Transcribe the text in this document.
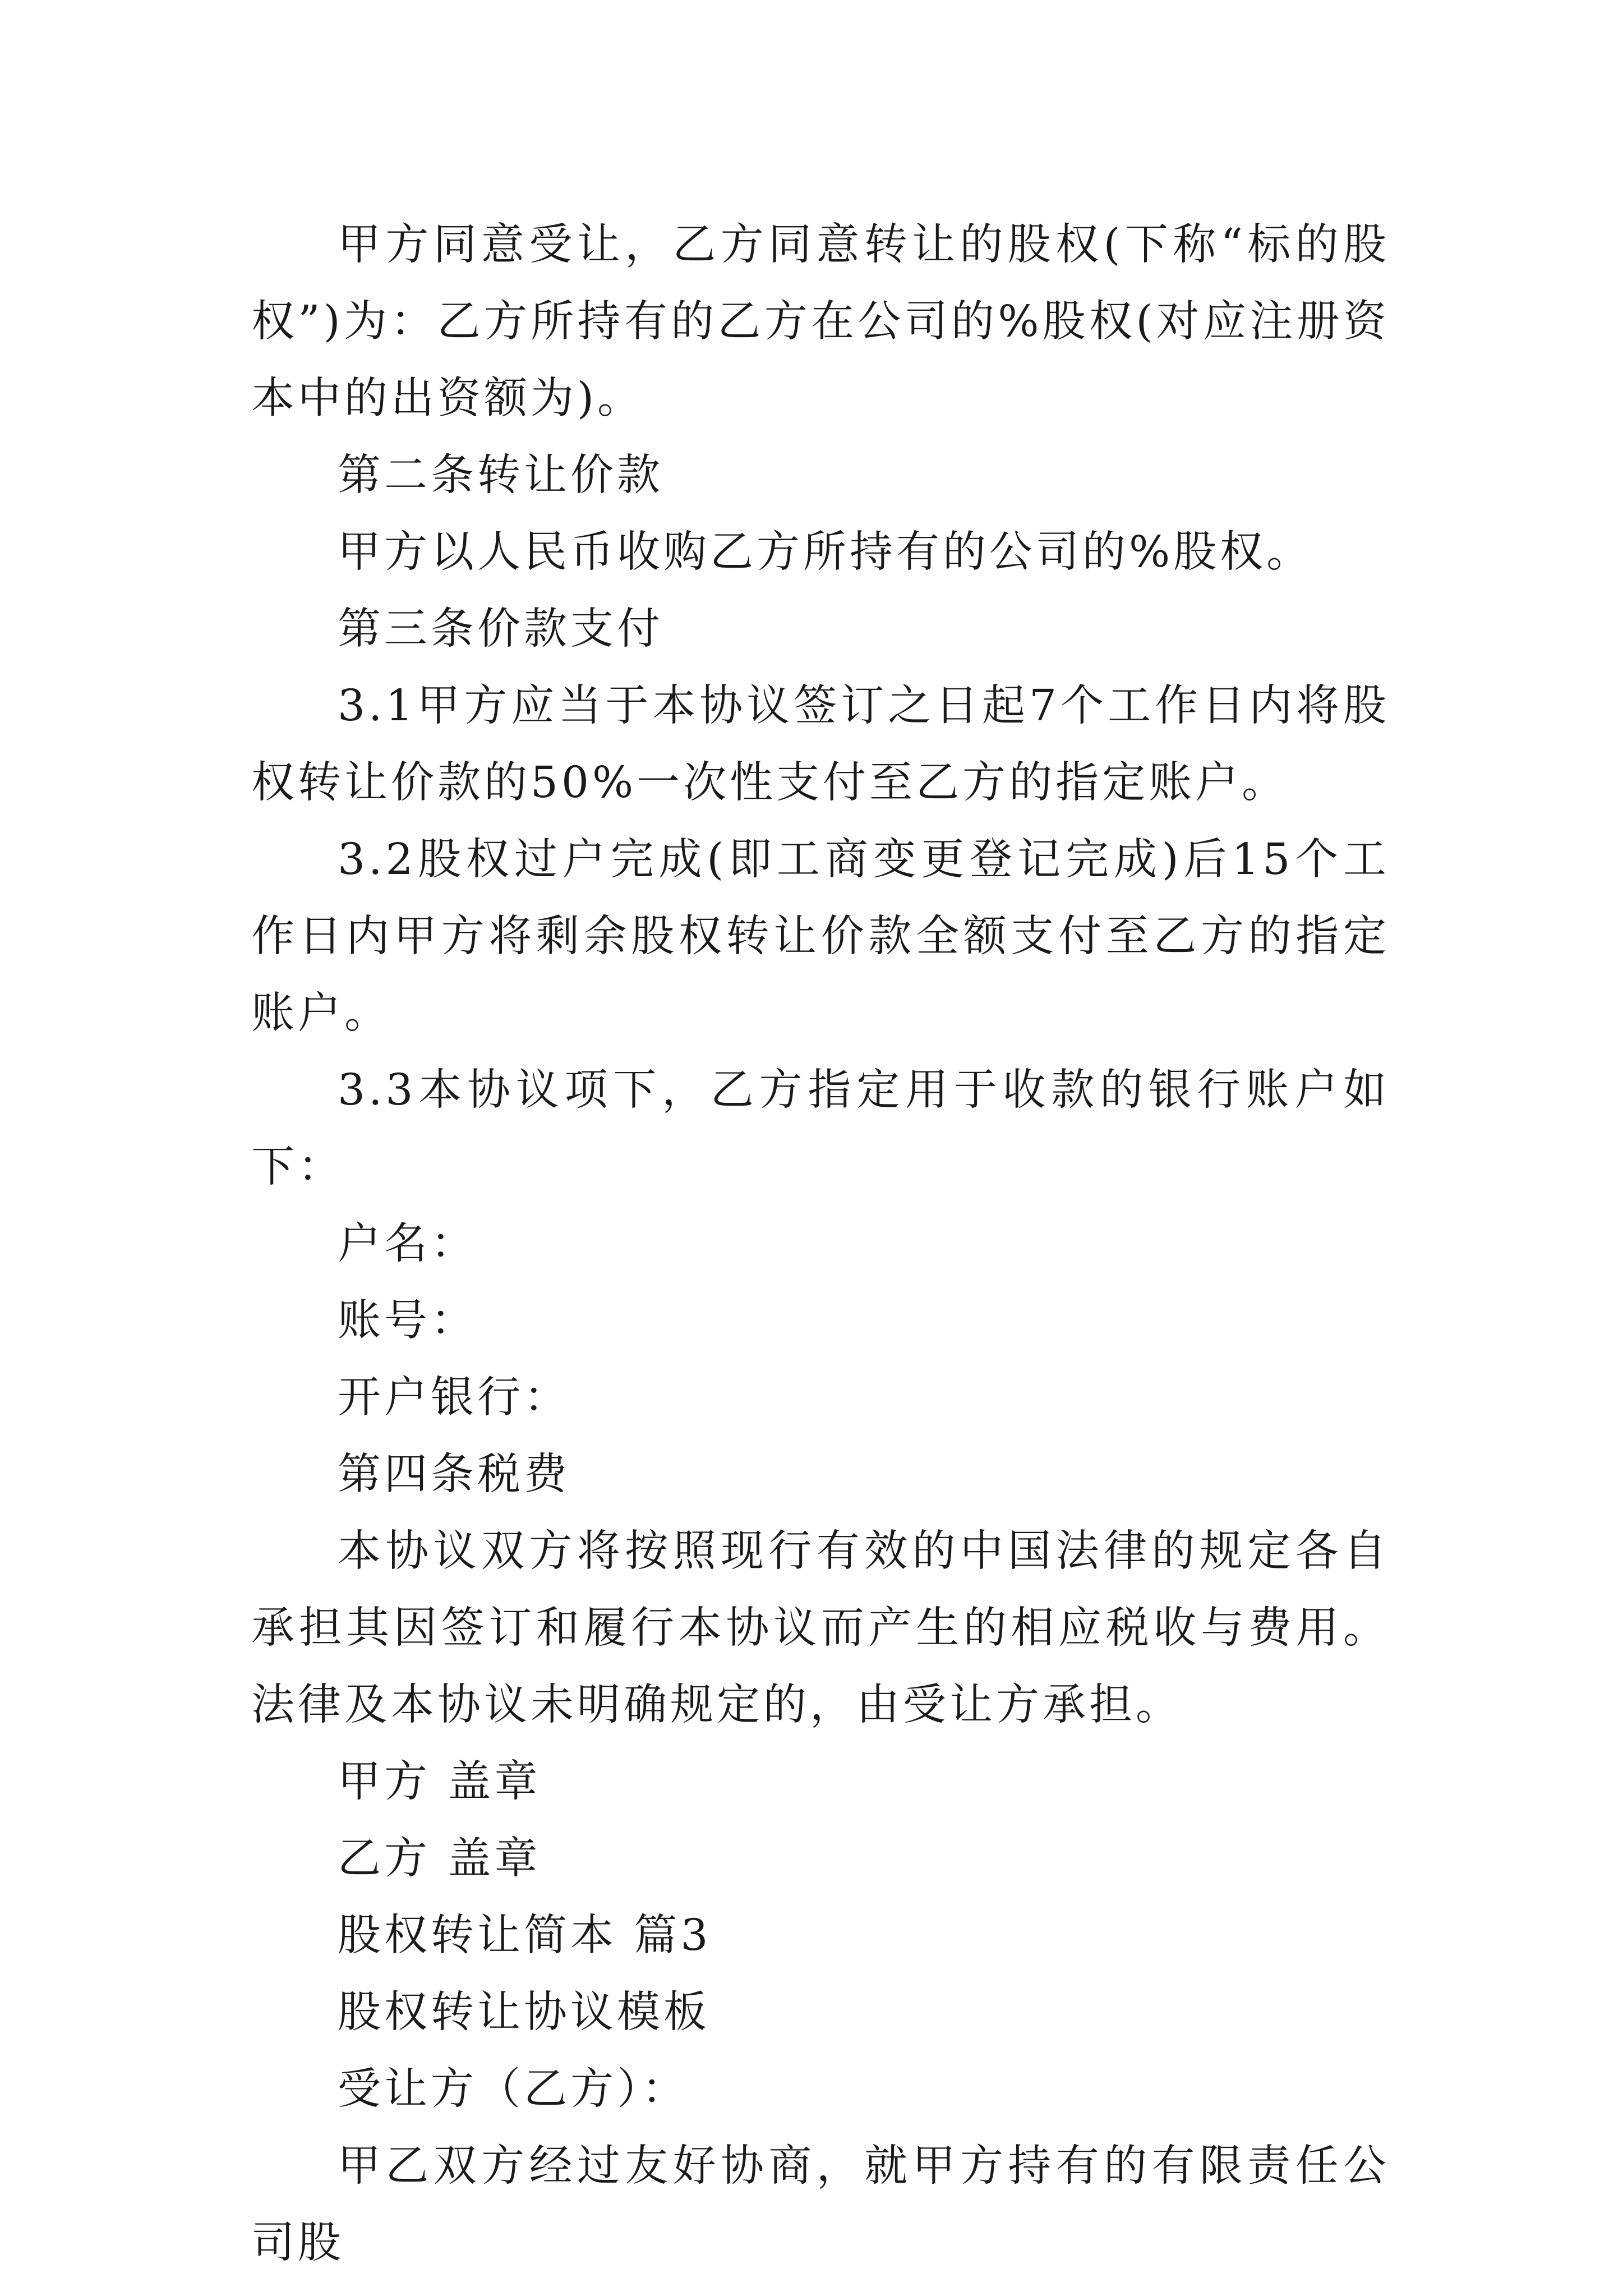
甲方同意受让，乙方同意转让的股权(下称“标的股权”)为：乙方所持有的乙方在公司的%股权(对应注册资本中的出资额为)。

第二条转让价款

甲方以人民币收购乙方所持有的公司的%股权。

第三条价款支付

3.1甲方应当于本协议签订之日起7个工作日内将股权转让价款的50%一次性支付至乙方的指定账户。

3.2股权过户完成(即工商变更登记完成)后15个工作日内甲方将剩余股权转让价款全额支付至乙方的指定账户。

3.3本协议项下，乙方指定用于收款的银行账户如下：

户名：

账号：

开户银行：

第四条税费

本协议双方将按照现行有效的中国法律的规定各自承担其因签订和履行本协议而产生的相应税收与费用。法律及本协议未明确规定的，由受让方承担。

甲方 盖章

乙方 盖章

股权转让简本 篇3

股权转让协议模板

受让方（乙方）：

甲乙双方经过友好协商，就甲方持有的有限责任公司股
